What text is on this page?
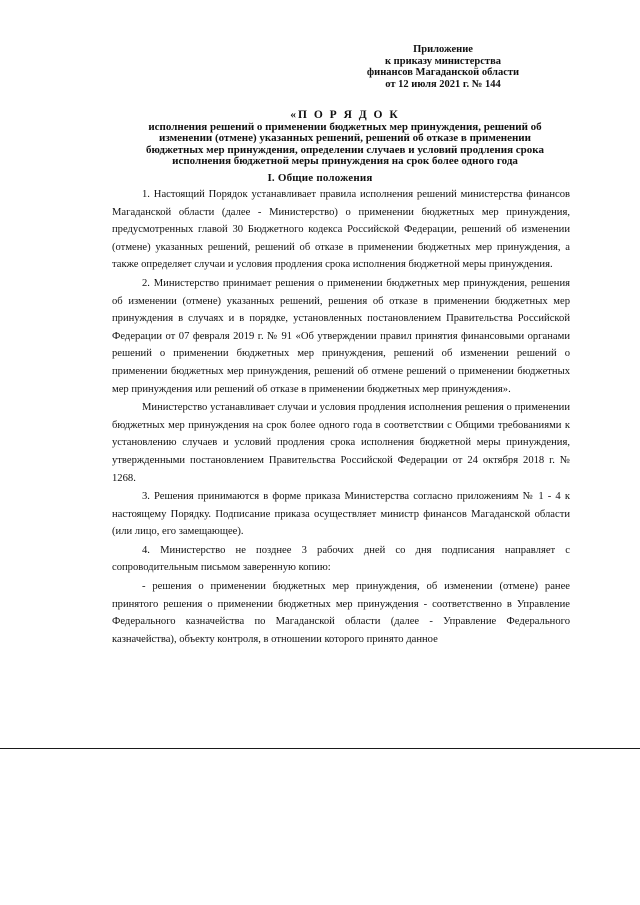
Приложение
к приказу министерства
финансов Магаданской области
от 12 июля 2021 г. № 144
«П О Р Я Д О К
исполнения решений о применении бюджетных мер принуждения, решений об
изменении (отмене) указанных решений, решений об отказе в применении
бюджетных мер принуждения, определении случаев и условий продления срока
исполнения бюджетной меры принуждения на срок более одного года
I. Общие положения

1. Настоящий Порядок устанавливает правила исполнения решений министерства финансов Магаданской области (далее - Министерство) о применении бюджетных мер принуждения, предусмотренных главой 30 Бюджетного кодекса Российской Федерации, решений об изменении (отмене) указанных решений, решений об отказе в применении бюджетных мер принуждения, а также определяет случаи и условия продления срока исполнения бюджетной меры принуждения.

2. Министерство принимает решения о применении бюджетных мер принуждения, решения об изменении (отмене) указанных решений, решения об отказе в применении бюджетных мер принуждения в случаях и в порядке, установленных постановлением Правительства Российской Федерации от 07 февраля 2019 г. № 91 «Об утверждении правил принятия финансовыми органами решений о применении бюджетных мер принуждения, решений об изменении решений о применении бюджетных мер принуждения, решений об отмене решений о применении бюджетных мер принуждения или решений об отказе в применении бюджетных мер принуждения».

Министерство устанавливает случаи и условия продления исполнения решения о применении бюджетных мер принуждения на срок более одного года в соответствии с Общими требованиями к установлению случаев и условий продления срока исполнения бюджетной меры принуждения, утвержденными постановлением Правительства Российской Федерации от 24 октября 2018 г. № 1268.

3. Решения принимаются в форме приказа Министерства согласно приложениям № 1 - 4 к настоящему Порядку. Подписание приказа осуществляет министр финансов Магаданской области (или лицо, его замещающее).

4. Министерство не позднее 3 рабочих дней со дня подписания направляет с сопроводительным письмом заверенную копию:

- решения о применении бюджетных мер принуждения, об изменении (отмене) ранее принятого решения о применении бюджетных мер принуждения - соответственно в Управление Федерального казначейства по Магаданской области (далее - Управление Федерального казначейства), объекту контроля, в отношении которого принято данное
